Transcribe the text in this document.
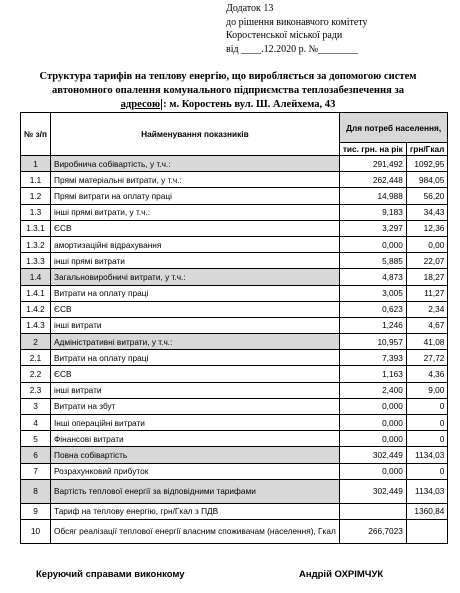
Додаток 13
до рішення виконавчого комітету
Коростенської міської ради
від ____.12.2020 р. №________
Структура тарифів на теплову енергію, що виробляється за допомогою систем
автономного опалення комунального підприємства теплозабезпечення за
адресою : м. Коростень вул. Ш. Алейхема, 43
№ з/п	Найменування показників	Для потреб населення,	
		тис. грн. на рік	грн/Гкал
1	Виробнича собівартість, у т.ч.:	291,492	1092,95
1.1	Прямі матеріальні витрати, у т.ч.:	262,448	984,05
1.2	Прямі витрати на оплату праці	14,988	56,20
1.3	інші прямі витрати, у т.ч.:	9,183	34,43
1.3.1	ЄСВ	3,297	12,36
1.3.2	амортизаційні відрахування	0,000	0,00
1.3.3	інші прямі витрати	5,885	22,07
1.4	Загальновиробничі витрати, у т.ч.:	4,873	18,27
1.4.1	Витрати на оплату праці	3,005	11,27
1.4.2	ЄСВ	0,623	2,34
1.4.3	інші витрати	1,246	4,67
2	Адміністративні витрати, у т.ч.:	10,957	41,08
2.1	Витрати на оплату праці	7,393	27,72
2.2	ЄСВ	1,163	4,36
2.3	інші витрати	2,400	9,00
3	Витрати на збут	0,000	0
4	Інші операційні витрати	0,000	0
5	Фінансові витрати	0,000	0
6	Повна собівартість	302,449	1134,03
7	Розрахунковий прибуток	0,000	0
8	Вартість теплової енергії за відповідними тарифами	302,449	1134,03
9	Тариф на теплову енергію, грн/Гкал з ПДВ		1360,84
10	Обсяг реалізації теплової енергії власним споживачам (населення), Гкал	266,7023	
Керуючий справами виконкому	Андрій ОХРІМЧУК
